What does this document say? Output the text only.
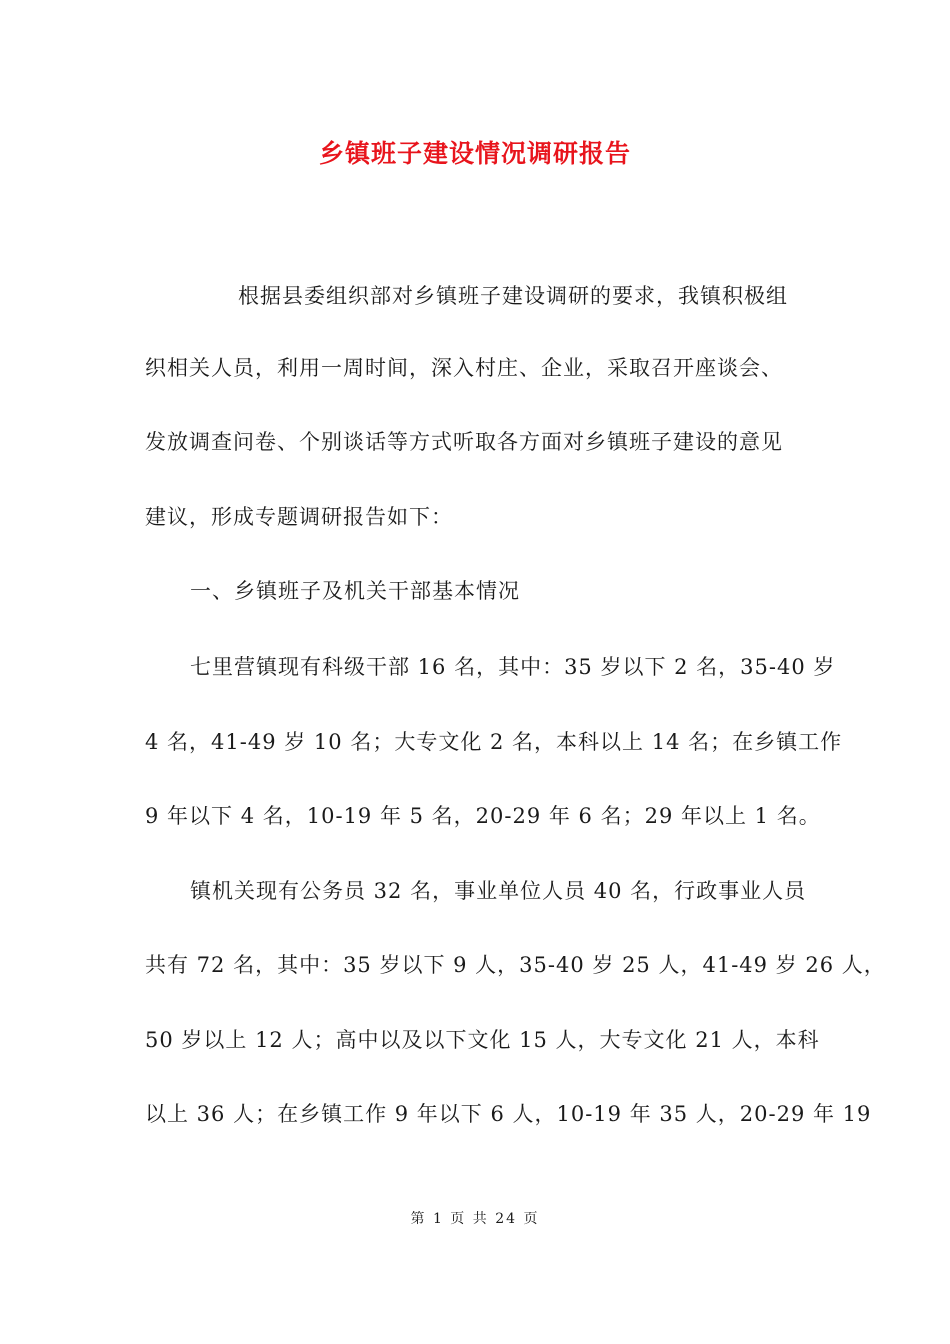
乡镇班子建设情况调研报告
根据县委组织部对乡镇班子建设调研的要求，我镇积极组
织相关人员，利用一周时间，深入村庄、企业，采取召开座谈会、
发放调查问卷、个别谈话等方式听取各方面对乡镇班子建设的意见
建议，形成专题调研报告如下：
一、乡镇班子及机关干部基本情况
七里营镇现有科级干部 16 名，其中：35 岁以下 2 名，35-40 岁
4 名，41-49 岁 10 名；大专文化 2 名，本科以上 14 名；在乡镇工作
9 年以下 4 名，10-19 年 5 名，20-29 年 6 名；29 年以上 1 名。
镇机关现有公务员 32 名，事业单位人员 40 名，行政事业人员
共有 72 名，其中：35 岁以下 9 人，35-40 岁 25 人，41-49 岁 26 人，
50 岁以上 12 人；高中以及以下文化 15 人，大专文化 21 人，本科
以上 36 人；在乡镇工作 9 年以下 6 人，10-19 年 35 人，20-29 年 19
第 1 页 共 24 页
